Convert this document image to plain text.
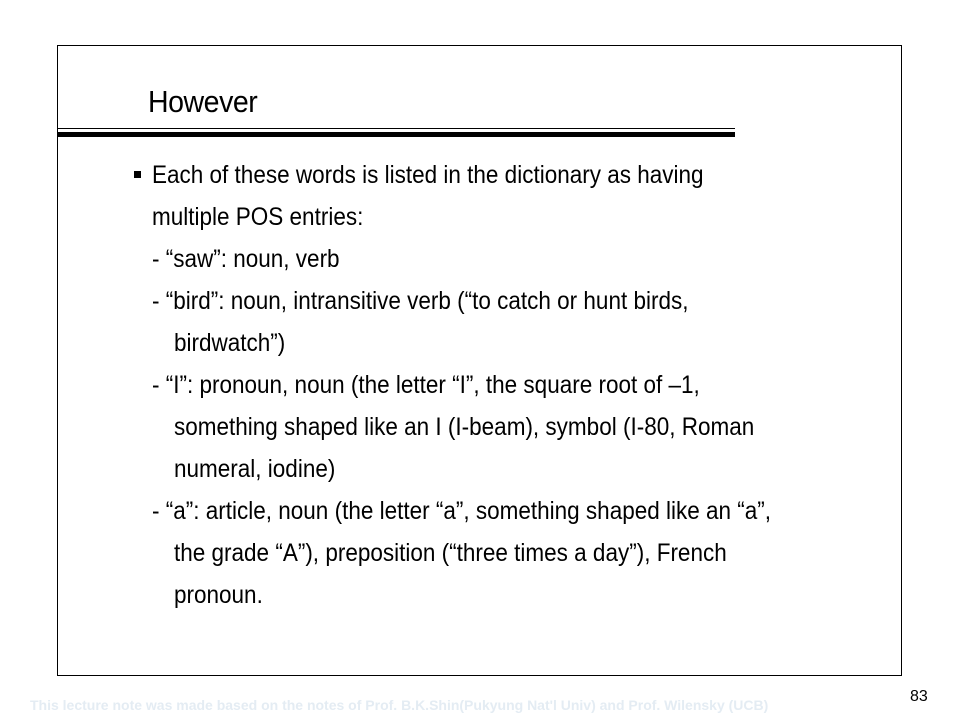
However
Each of these words is listed in the dictionary as having
multiple POS entries:
- “saw”: noun, verb
- “bird”: noun, intransitive verb (“to catch or hunt birds,
birdwatch”)
- “I”: pronoun, noun (the letter “I”, the square root of –1,
something shaped like an I (I-beam), symbol (I-80, Roman
numeral, iodine)
- “a”: article, noun (the letter “a”, something shaped like an “a”,
the grade “A”), preposition (“three times a day”), French
pronoun.
This lecture note was made based on the notes of Prof. B.K.Shin(Pukyung Nat'l Univ) and Prof. Wilensky (UCB)	83
